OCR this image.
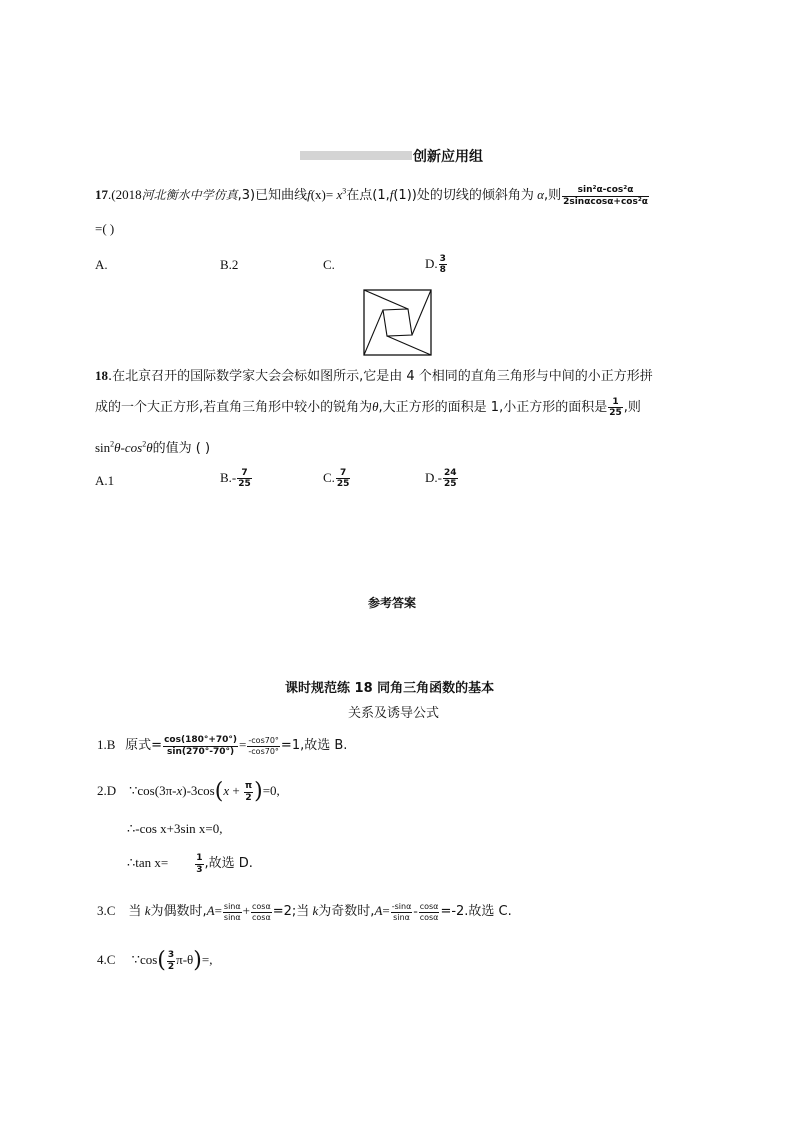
创新应用组
17.(2018河北衡水中学仿真,3)已知曲线$f(x)= x^3$在点(1,f(1))处的切线的倾斜角为 α,则 $\frac{\text{sin²α-cos²α}}{\text{2sinαcosα+cos²α}}$
=( )
A.	B.2	C.	D. $\frac{3}{8}$
18.在北京召开的国际数学家大会会标如图所示,它是由 4 个相同的直角三角形与中间的小正方形拼
成的一个大正方形,若直角三角形中较小的锐角为θ,大正方形的面积是 1,小正方形的面积是 $\frac{1}{25}$ ,则
$\sin^2\theta-\cos^2\theta$的值为 ( )
A.1	$B.- \frac{7}{25}$	C. $\frac{7}{25}$	$D.- \frac{24}{25}$
参考答案
课时规范练 18 同角三角函数的基本
关系及诱导公式
1.B 原式= $\frac{\cos(180^\circ+70^\circ)}{\sin(270^\circ-70^\circ)} = \frac{-\cos 70^\circ}{-\cos 70^\circ} =1$,故选 B.
2.D ∵cos(3π-x)-3cos(x + $\frac{\pi}{2} )=0$,
∴-cos x+3sin x=0,
∴tan x=	$\frac{1}{3}$ ,故选 D.
3.C 当 k为偶数时$,A= \frac{\sin\alpha}{\sin\alpha} + \frac{\cos\alpha}{\cos\alpha} =2$;当 k为奇数时$,A= \frac{-\sin\alpha}{\sin\alpha} - \frac{\cos\alpha}{\cos\alpha} =-2$.故选 C.
4.C ∵cos( $\frac{3}{2} \pi-\theta)=$,
